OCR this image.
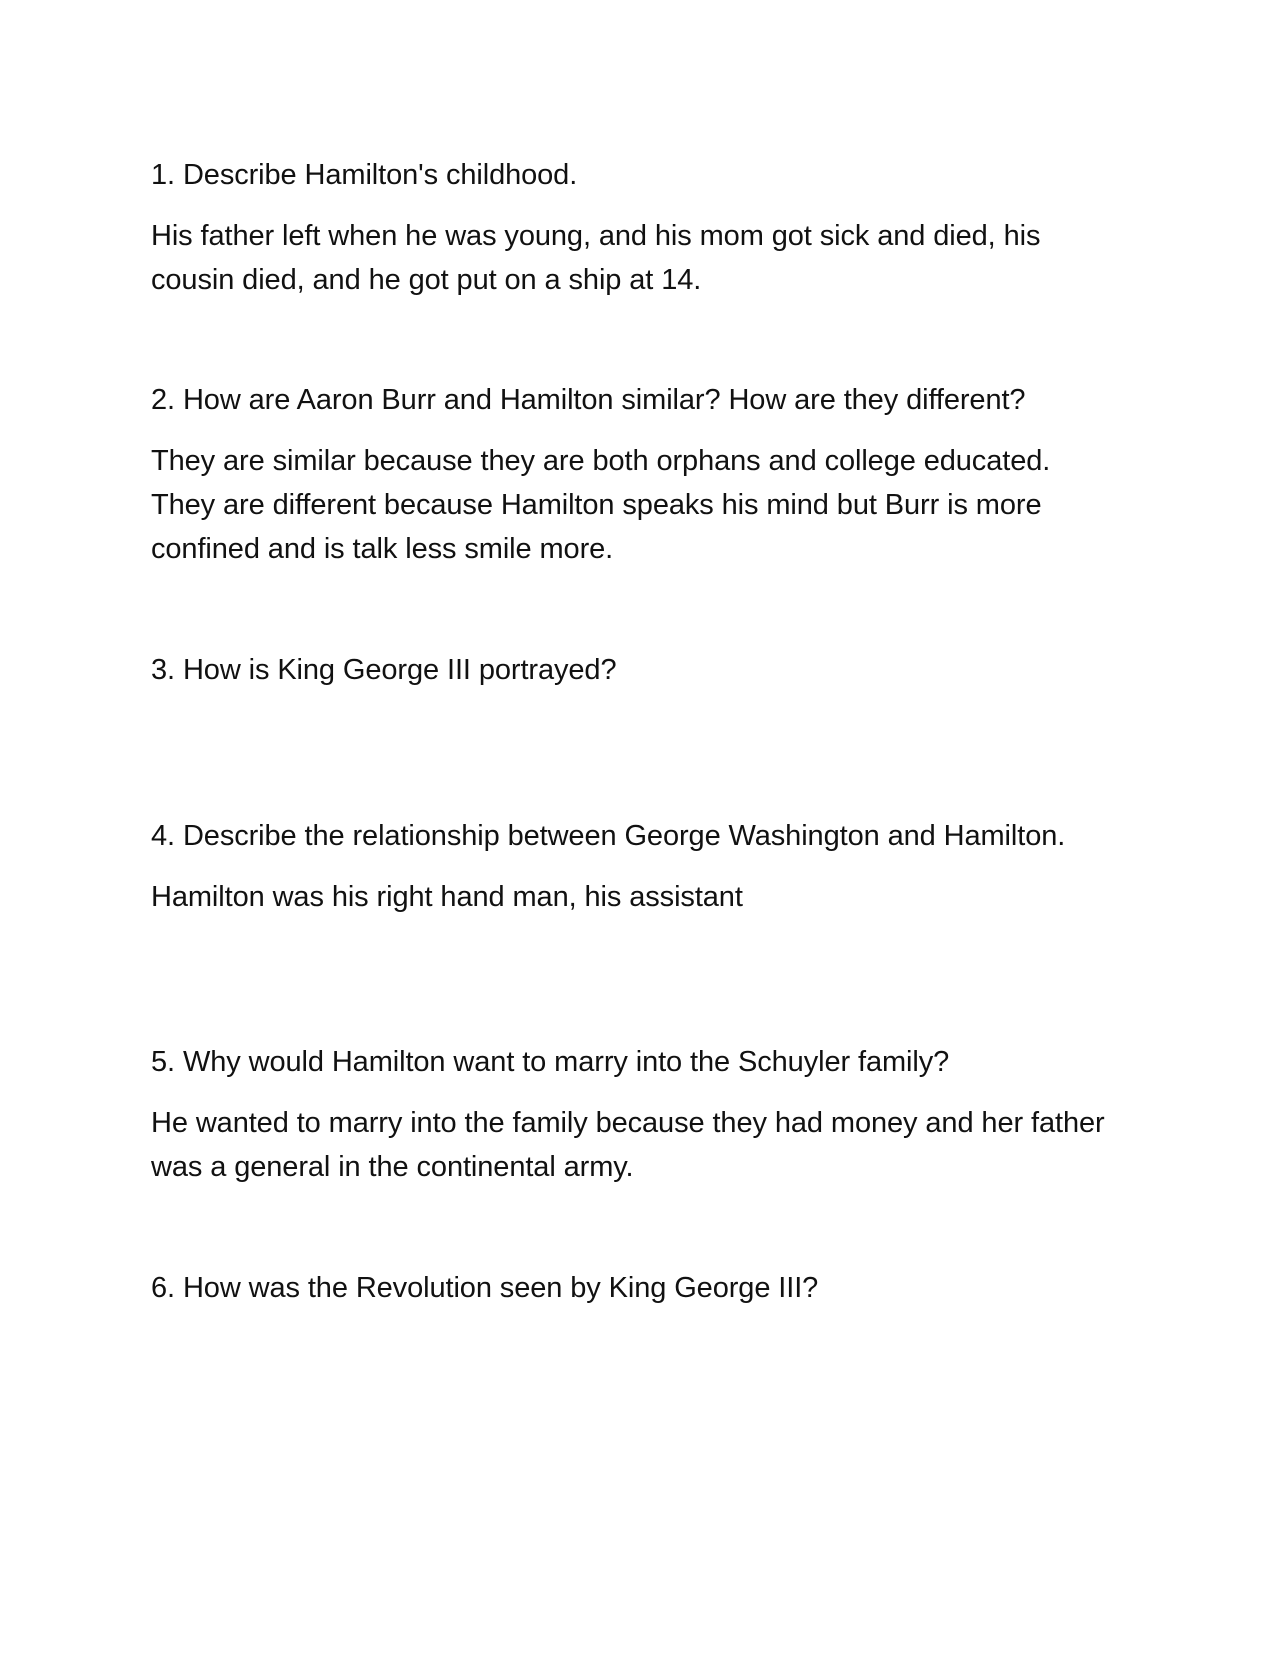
1. Describe Hamilton's childhood.

His father left when he was young, and his mom got sick and died, his cousin died, and he got put on a ship at 14.

2. How are Aaron Burr and Hamilton similar? How are they different?

They are similar because they are both orphans and college educated. They are different because Hamilton speaks his mind but Burr is more confined and is talk less smile more.

3. How is King George III portrayed?

4. Describe the relationship between George Washington and Hamilton.

Hamilton was his right hand man, his assistant

5. Why would Hamilton want to marry into the Schuyler family?

He wanted to marry into the family because they had money and her father was a general in the continental army.

6. How was the Revolution seen by King George III?
